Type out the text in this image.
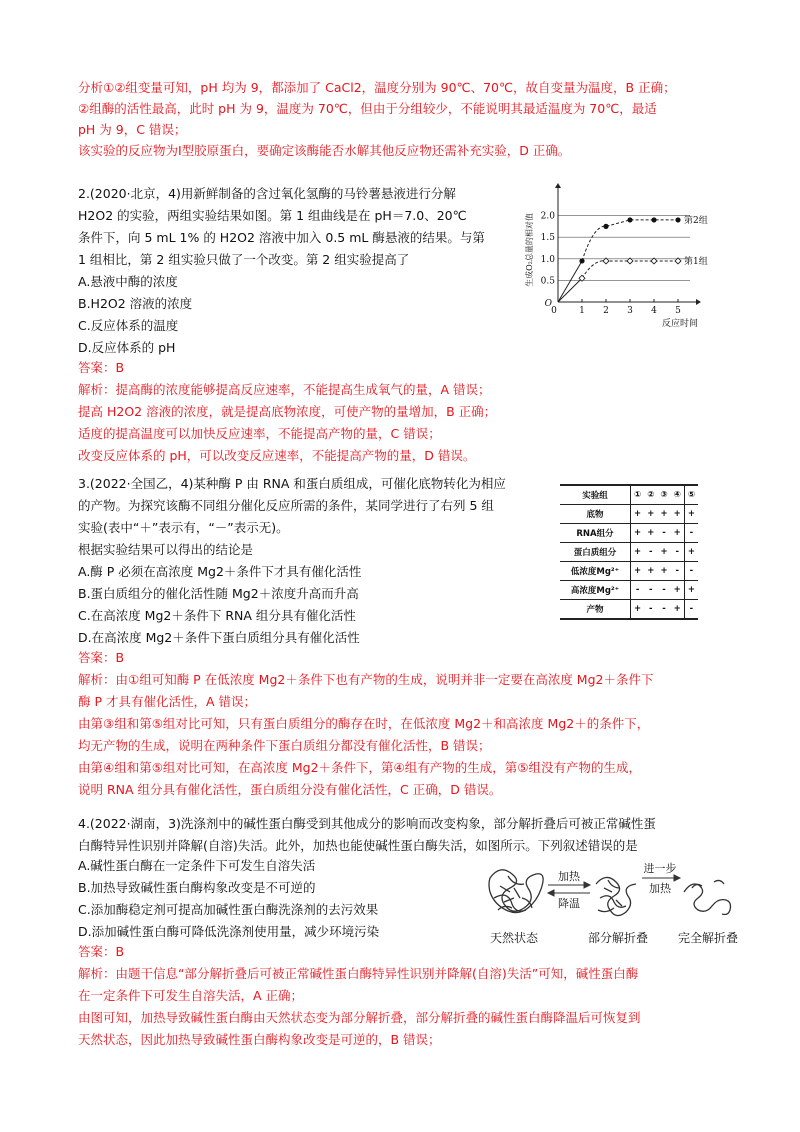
分析①②组变量可知，pH 均为 9，都添加了 CaCl2，温度分别为 90℃、70℃，故自变量为温度，B 正确；
②组酶的活性最高，此时 pH 为 9，温度为 70℃，但由于分组较少，不能说明其最适温度为 70℃，最适
pH 为 9，C 错误；
该实验的反应物为Ⅰ型胶原蛋白，要确定该酶能否水解其他反应物还需补充实验，D 正确。
2.(2020·北京，4)用新鲜制备的含过氧化氢酶的马铃薯悬液进行分解
H2O2 的实验，两组实验结果如图。第 1 组曲线是在 pH＝7.0、20℃
条件下，向 5 mL 1% 的 H2O2 溶液中加入 0.5 mL 酶悬液的结果。与第
1 组相比，第 2 组实验只做了一个改变。第 2 组实验提高了
A.悬液中酶的浓度
B.H2O2 溶液的浓度
C.反应体系的温度
D.反应体系的 pH
答案：B
解析：提高酶的浓度能够提高反应速率，不能提高生成氧气的量，A 错误；
提高 H2O2 溶液的浓度，就是提高底物浓度，可使产物的量增加，B 正确；
适度的提高温度可以加快反应速率，不能提高产物的量，C 错误；
改变反应体系的 pH，可以改变反应速率，不能提高产物的量，D 错误。
0 1 2 3 4 5
0.5
1.0
1.5
2.0
反应时间
生成O₂总量的相对值	第2组
第1组
O
3.(2022·全国乙，4)某种酶 P 由 RNA 和蛋白质组成，可催化底物转化为相应
的产物。为探究该酶不同组分催化反应所需的条件，某同学进行了右列 5 组
实验(表中“＋”表示有，“－”表示无)。
根据实验结果可以得出的结论是
A.酶 P 必须在高浓度 Mg2＋条件下才具有催化活性
B.蛋白质组分的催化活性随 Mg2＋浓度升高而升高
C.在高浓度 Mg2＋条件下 RNA 组分具有催化活性
D.在高浓度 Mg2＋条件下蛋白质组分具有催化活性
答案：B
解析：由①组可知酶 P 在低浓度 Mg2＋条件下也有产物的生成，说明并非一定要在高浓度 Mg2＋条件下
酶 P 才具有催化活性，A 错误；
由第③组和第⑤组对比可知，只有蛋白质组分的酶存在时，在低浓度 Mg2＋和高浓度 Mg2＋的条件下，
均无产物的生成，说明在两种条件下蛋白质组分都没有催化活性，B 错误；
由第④组和第⑤组对比可知，在高浓度 Mg2＋条件下，第④组有产物的生成，第⑤组没有产物的生成，
说明 RNA 组分具有催化活性，蛋白质组分没有催化活性，C 正确，D 错误。
实验组	①	②	③	④	⑤
底物	+	+	+	+	+
RNA组分	+	+	-	+	-
蛋白质组分	+	-	+	-	+
低浓度Mg²⁺	+	+	+	-	-
高浓度Mg²⁺	-	-	-	+	+
产物	+	-	-	+	-
4.(2022·湖南，3)洗涤剂中的碱性蛋白酶受到其他成分的影响而改变构象，部分解折叠后可被正常碱性蛋
白酶特异性识别并降解(自溶)失活。此外，加热也能使碱性蛋白酶失活，如图所示。下列叙述错误的是
A.碱性蛋白酶在一定条件下可发生自溶失活
B.加热导致碱性蛋白酶构象改变是不可逆的
C.添加酶稳定剂可提高加碱性蛋白酶洗涤剂的去污效果
D.添加碱性蛋白酶可降低洗涤剂使用量，减少环境污染
答案：B
解析：由题干信息“部分解折叠后可被正常碱性蛋白酶特异性识别并降解(自溶)失活”可知，碱性蛋白酶
在一定条件下可发生自溶失活，A 正确；
由图可知，加热导致碱性蛋白酶由天然状态变为部分解折叠，部分解折叠的碱性蛋白酶降温后可恢复到
天然状态，因此加热导致碱性蛋白酶构象改变是可逆的，B 错误；
加热
降温
进一步
加热
天然状态	部分解折叠 完全解折叠
